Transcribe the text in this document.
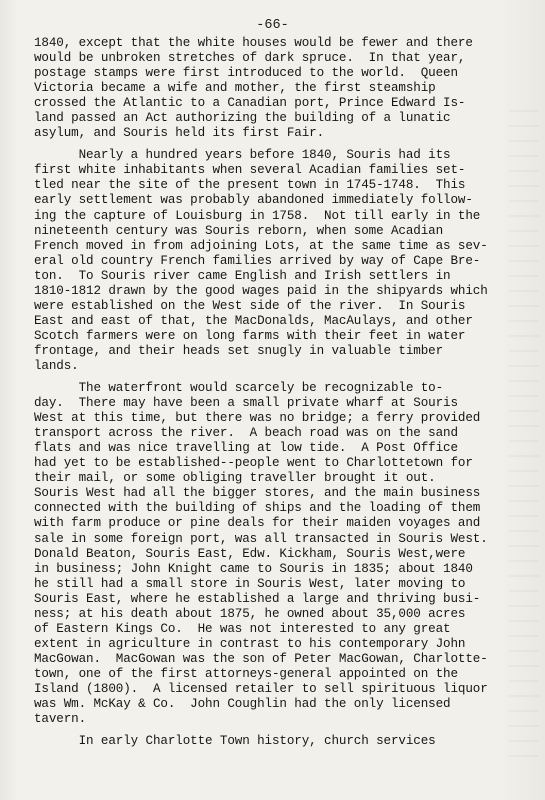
-66-
1840, except that the white houses would be fewer and there
would be unbroken stretches of dark spruce.  In that year,
postage stamps were first introduced to the world.  Queen
Victoria became a wife and mother, the first steamship
crossed the Atlantic to a Canadian port, Prince Edward Is-
land passed an Act authorizing the building of a lunatic
asylum, and Souris held its first Fair.
Nearly a hundred years before 1840, Souris had its
first white inhabitants when several Acadian families set-
tled near the site of the present town in 1745-1748.  This
early settlement was probably abandoned immediately follow-
ing the capture of Louisburg in 1758.  Not till early in the
nineteenth century was Souris reborn, when some Acadian
French moved in from adjoining Lots, at the same time as sev-
eral old country French families arrived by way of Cape Bre-
ton.  To Souris river came English and Irish settlers in
1810-1812 drawn by the good wages paid in the shipyards which
were established on the West side of the river.  In Souris
East and east of that, the MacDonalds, MacAulays, and other
Scotch farmers were on long farms with their feet in water
frontage, and their heads set snugly in valuable timber
lands.
The waterfront would scarcely be recognizable to-
day.  There may have been a small private wharf at Souris
West at this time, but there was no bridge; a ferry provided
transport across the river.  A beach road was on the sand
flats and was nice travelling at low tide.  A Post Office
had yet to be established--people went to Charlottetown for
their mail, or some obliging traveller brought it out.
Souris West had all the bigger stores, and the main business
connected with the building of ships and the loading of them
with farm produce or pine deals for their maiden voyages and
sale in some foreign port, was all transacted in Souris West.
Donald Beaton, Souris East, Edw. Kickham, Souris West,were
in business; John Knight came to Souris in 1835; about 1840
he still had a small store in Souris West, later moving to
Souris East, where he established a large and thriving busi-
ness; at his death about 1875, he owned about 35,000 acres
of Eastern Kings Co.  He was not interested to any great
extent in agriculture in contrast to his contemporary John
MacGowan.  MacGowan was the son of Peter MacGowan, Charlotte-
town, one of the first attorneys-general appointed on the
Island (1800).  A licensed retailer to sell spirituous liquor
was Wm. McKay & Co.  John Coughlin had the only licensed
tavern.
In early Charlotte Town history, church services
